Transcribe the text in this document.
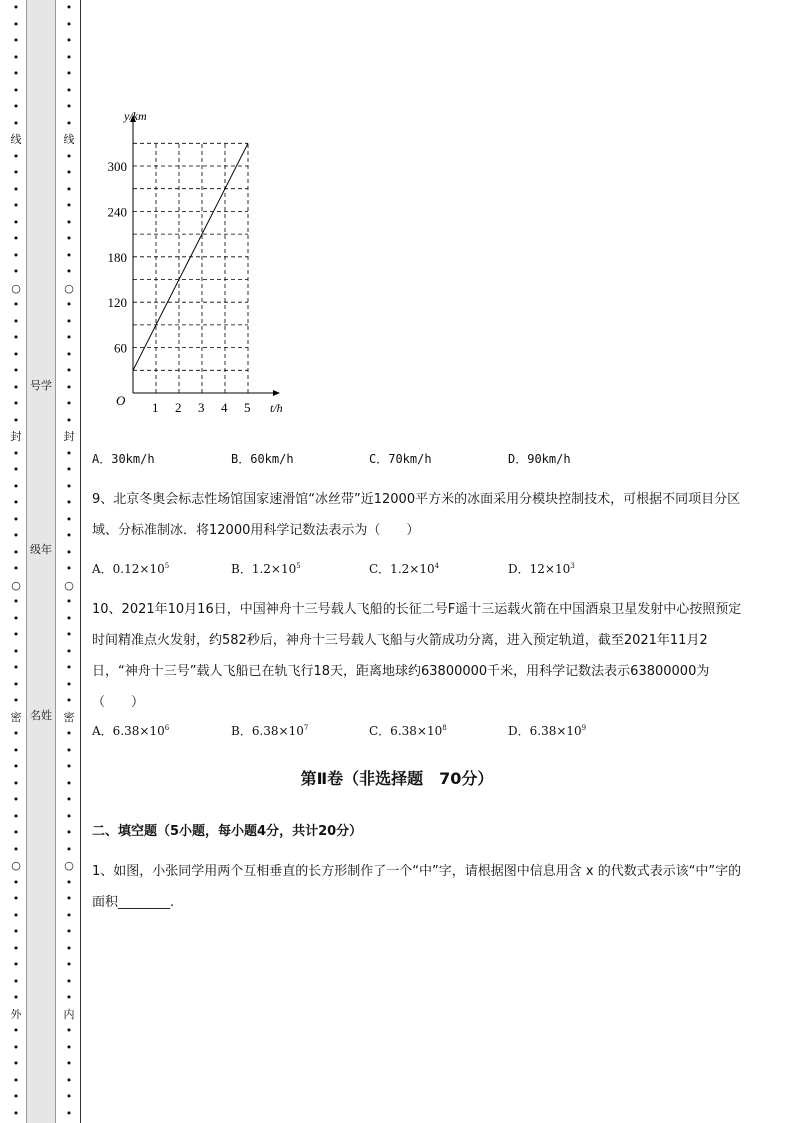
•
•
•
•
•
•
•
•
线
•
•
•
•
•
•
•
•
○
•
•
•
•
•
•
•
•
封
•
•
•
•
•
•
•
•
○
•
•
•
•
•
•
•
密
•
•
•
•
•
•
•
•
○
•
•
•
•
•
•
•
•
外
•
•
•
•
•
•
号学
级年
名姓
•
•
•
•
•
•
•
•
线
•
•
•
•
•
•
•
•
○
•
•
•
•
•
•
•
•
封
•
•
•
•
•
•
•
•
○
•
•
•
•
•
•
•
密
•
•
•
•
•
•
•
•
○
•
•
•
•
•
•
•
•
内
•
•
•
•
•
•
y/km
t/h
O 1 2 3 4 5
60
120
180
240
300
A．30km/h	B．60km/h	C．70km/h	D．90km/h
9、北京冬奥会标志性场馆国家速滑馆“冰丝带”近12000平方米的冰面采用分模块控制技术，可根据不同项目分区域、分标准制冰．将12000用科学记数法表示为（　　）
A．$0.12\times 10^5$	B．$1.2\times 10^5$	C．$1.2\times 10^4$	D．$12\times 10^3$
10、2021年10月16日，中国神舟十三号载人飞船的长征二号F遥十三运载火箭在中国酒泉卫星发射中心按照预定时间精准点火发射，约582秒后，神舟十三号载人飞船与火箭成功分离，进入预定轨道，截至2021年11月2日，“神舟十三号”载人飞船已在轨飞行18天，距离地球约63800000千米，用科学记数法表示63800000为（　　）
A．$6.38\times 10^6$	B．$6.38\times 10^7$	C．$6.38\times 10^8$	D．$6.38\times 10^9$
第Ⅱ卷（非选择题　70分）
二、填空题（5小题，每小题4分，共计20分）
1、如图，小张同学用两个互相垂直的长方形制作了一个“中”字，请根据图中信息用含 x 的代数式表示该“中”字的面积________.
